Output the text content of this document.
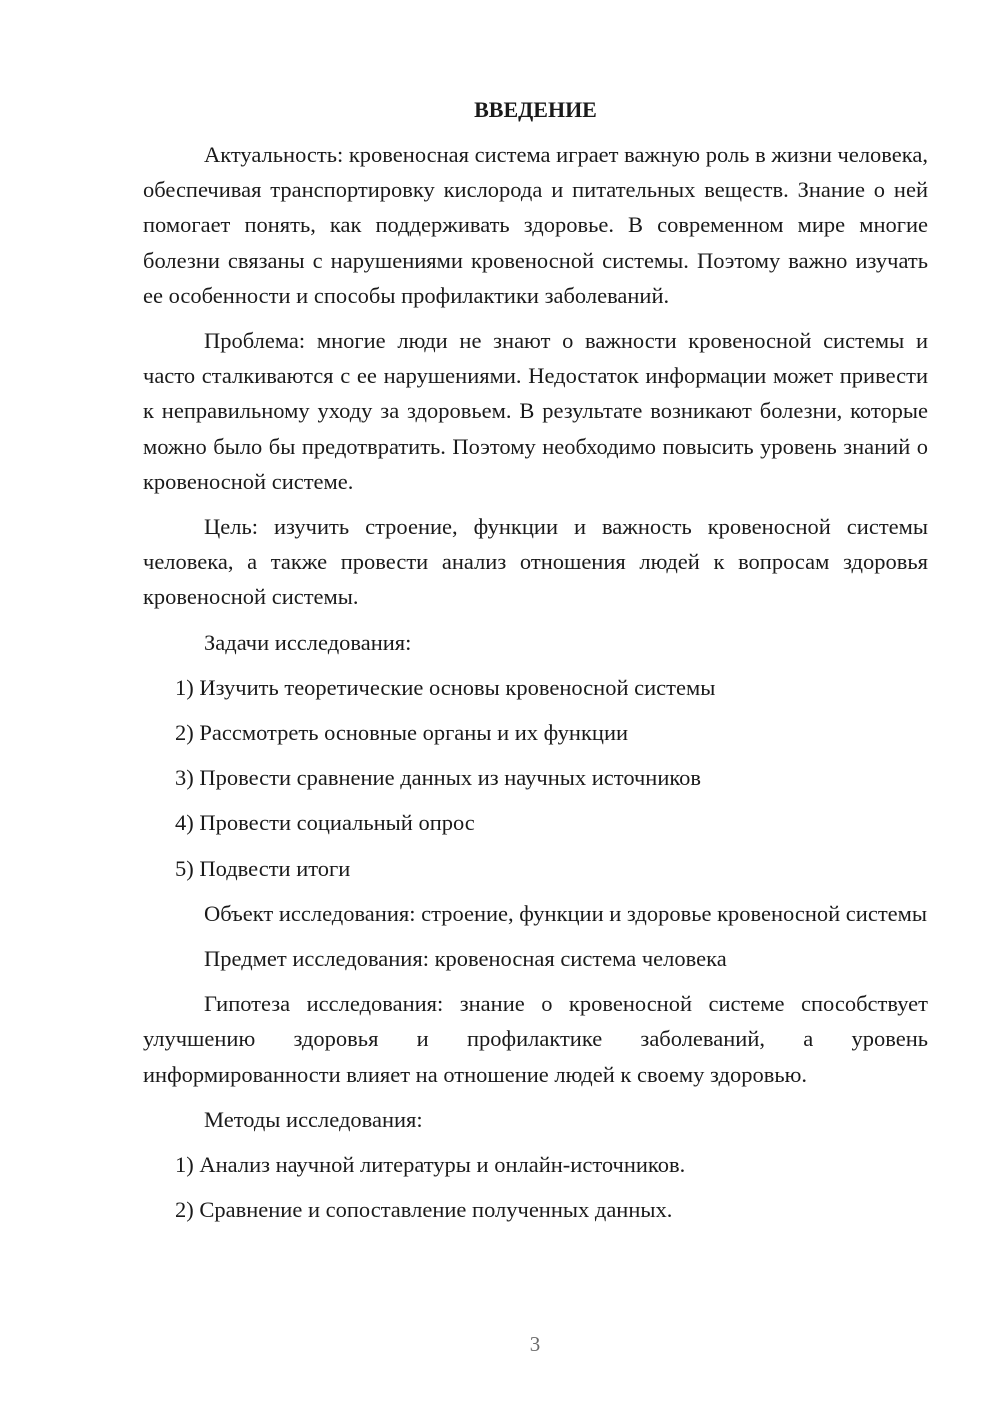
ВВЕДЕНИЕ

Актуальность: кровеносная система играет важную роль в жизни человека, обеспечивая транспортировку кислорода и питательных веществ. Знание о ней помогает понять, как поддерживать здоровье. В современном мире многие болезни связаны с нарушениями кровеносной системы. Поэтому важно изучать ее особенности и способы профилактики заболеваний.

Проблема: многие люди не знают о важности кровеносной системы и часто сталкиваются с ее нарушениями. Недостаток информации может привести к неправильному уходу за здоровьем. В результате возникают болезни, которые можно было бы предотвратить. Поэтому необходимо повысить уровень знаний о кровеносной системе.

Цель: изучить строение, функции и важность кровеносной системы человека, а также провести анализ отношения людей к вопросам здоровья кровеносной системы.

Задачи исследования:

1) Изучить теоретические основы кровеносной системы
2) Рассмотреть основные органы и их функции
3) Провести сравнение данных из научных источников
4) Провести социальный опрос
5) Подвести итоги

Объект исследования: строение, функции и здоровье кровеносной системы

Предмет исследования: кровеносная система человека

Гипотеза исследования: знание о кровеносной системе способствует улучшению здоровья и профилактике заболеваний, а уровень информированности влияет на отношение людей к своему здоровью.

Методы исследования:

1) Анализ научной литературы и онлайн-источников.
2) Сравнение и сопоставление полученных данных.
3
